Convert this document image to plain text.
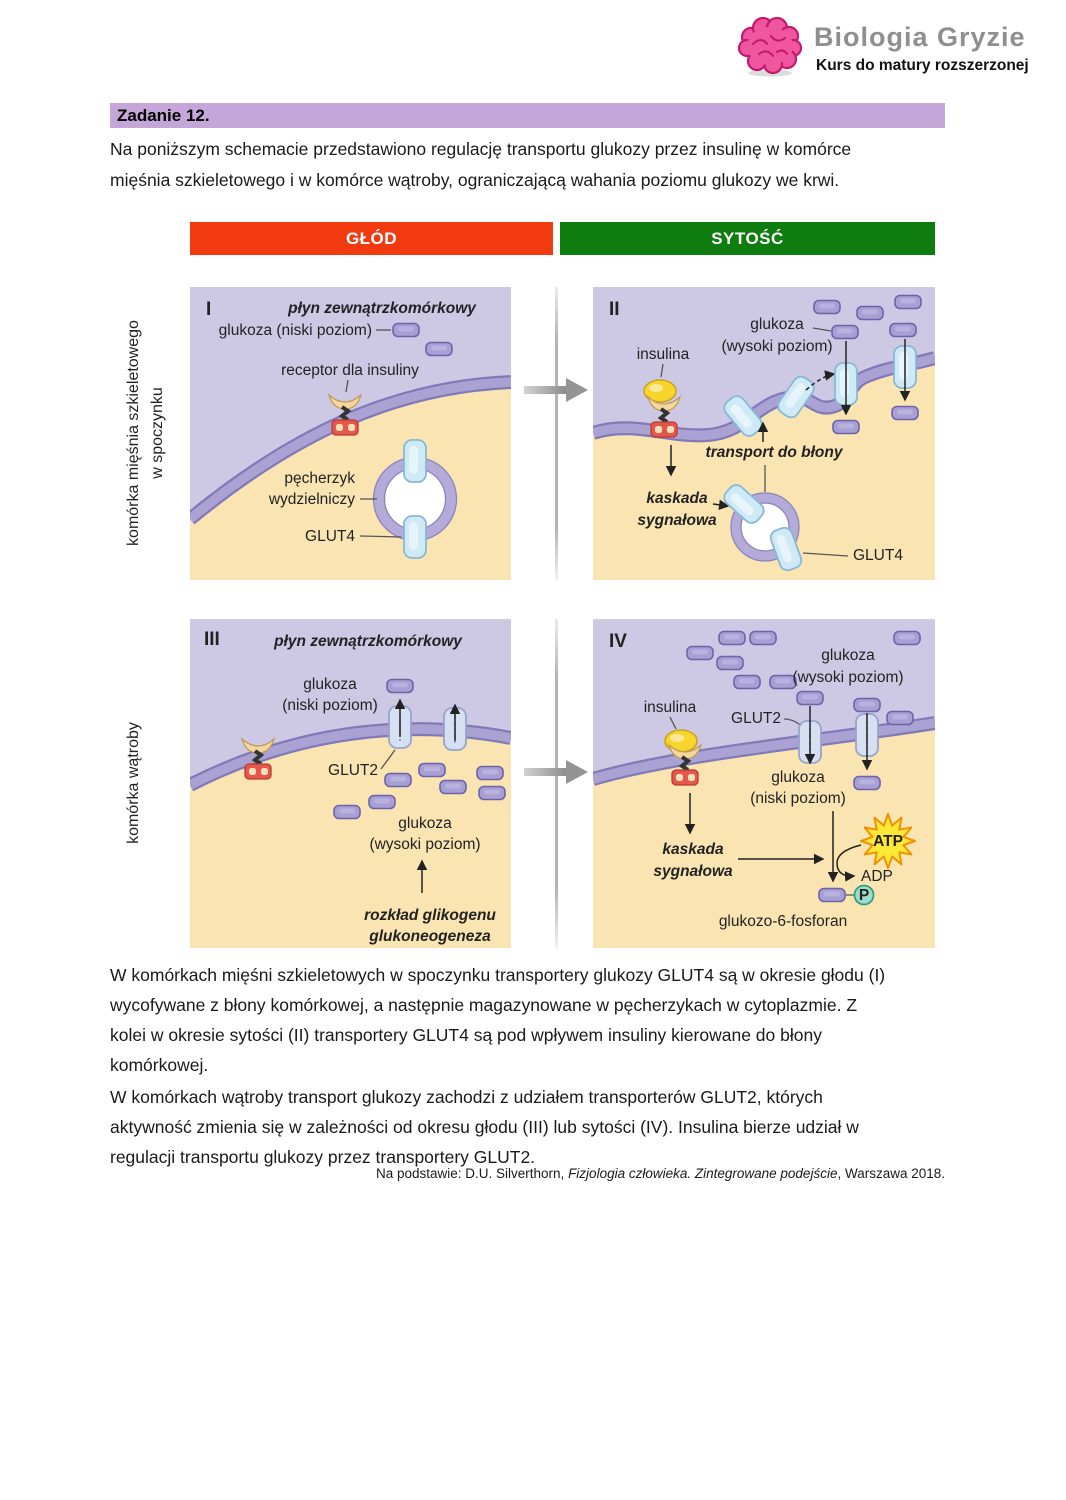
Biologia Gryzie
Kurs do matury rozszerzonej
Zadanie 12.

Na poniższym schemacie przedstawiono regulację transportu glukozy przez insulinę w komórce mięśnia szkieletowego i w komórce wątroby, ograniczającą wahania poziomu glukozy we krwi.

GŁÓD	SYTOŚĆ
komórka mięśnia szkieletowego w spoczynku
komórka wątroby
I	płyn zewnątrzkomórkowy
glukoza (niski poziom)
receptor dla insuliny
pęcherzyk
wydzielniczy
GLUT4
II
glukoza
(wysoki poziom)
insulina
kaskada
sygnałowa
transport do błony
GLUT4
III	płyn zewnątrzkomórkowy
glukoza
(niski poziom)
GLUT2
glukoza
(wysoki poziom)
rozkład glikogenu
glukoneogeneza
IV
glukoza
(wysoki poziom)
insulina
GLUT2
glukoza
(niski poziom)
kaskada
sygnałowa
ATP
ADP
P
glukozo-6-fosforan

W komórkach mięśni szkieletowych w spoczynku transportery glukozy GLUT4 są w okresie głodu (I) wycofywane z błony komórkowej, a następnie magazynowane w pęcherzykach w cytoplazmie. Z kolei w okresie sytości (II) transportery GLUT4 są pod wpływem insuliny kierowane do błony komórkowej.

W komórkach wątroby transport glukozy zachodzi z udziałem transporterów GLUT2, których aktywność zmienia się w zależności od okresu głodu (III) lub sytości (IV). Insulina bierze udział w regulacji transportu glukozy przez transportery GLUT2.

Na podstawie: D.U. Silverthorn, Fizjologia człowieka. Zintegrowane podejście, Warszawa 2018.
